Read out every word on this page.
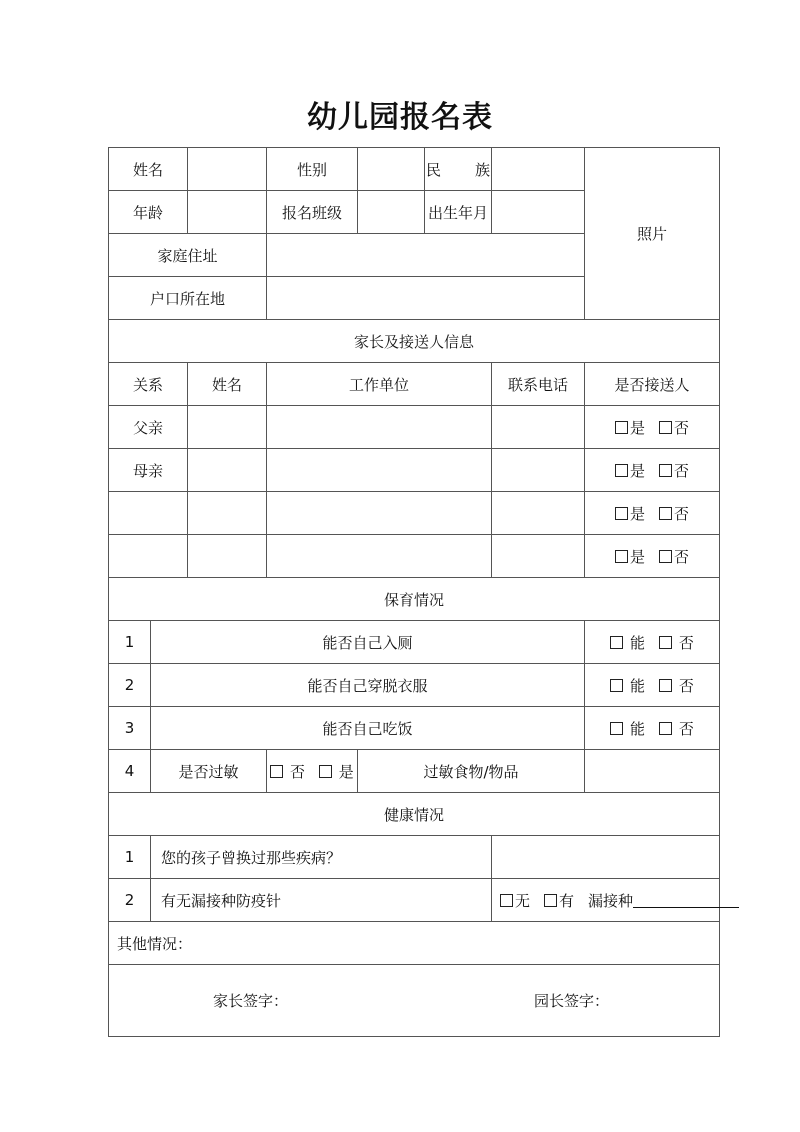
幼儿园报名表
姓名			性别		民 族		照片
年龄			报名班级		出生年月		
家庭住址							
户口所在地							
家长及接送人信息							
关系		姓名	工作单位			联系电话	是否接送人
父亲							是 否
母亲							是 否
							是 否
							是 否
保育情况							
1	能否自己入厕						能 否
2	能否自己穿脱衣服						能 否
3	能否自己吃饭						能 否
4	是否过敏		否 是	过敏食物/物品			
健康情况							
1	您的孩子曾换过那些疾病？						
2	有无漏接种防疫针					无 有 漏接种	
其他情况：							

家长签字： 园长签字：							
